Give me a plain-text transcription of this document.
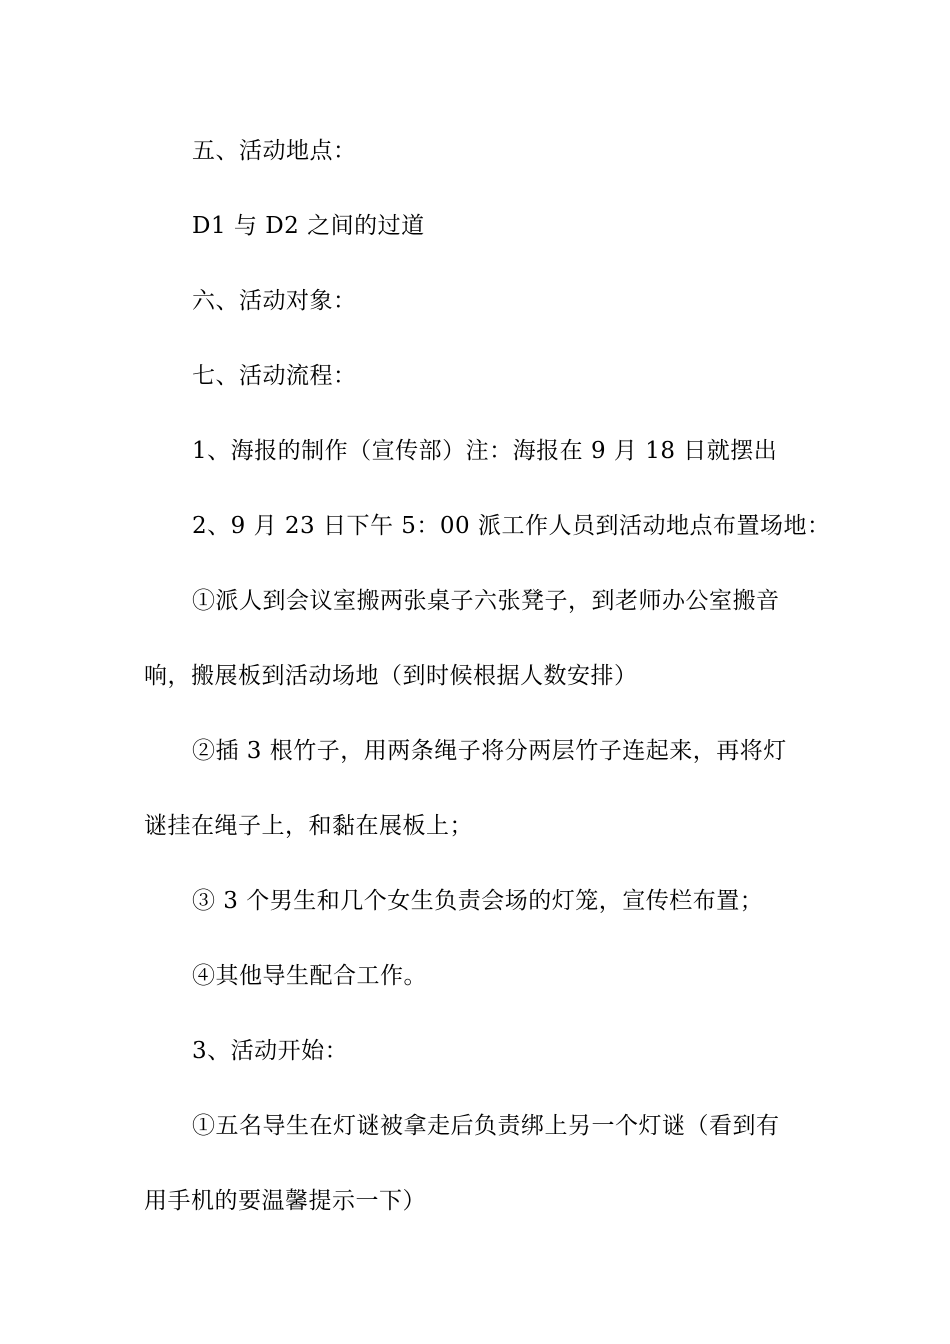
五、活动地点：
D1 与 D2 之间的过道
六、活动对象：
七、活动流程：
1、海报的制作（宣传部）注：海报在 9 月 18 日就摆出
2、9 月 23 日下午 5：00 派工作人员到活动地点布置场地：
①派人到会议室搬两张桌子六张凳子，到老师办公室搬音
响，搬展板到活动场地（到时候根据人数安排）
②插 3 根竹子，用两条绳子将分两层竹子连起来，再将灯
谜挂在绳子上，和黏在展板上；
③ 3 个男生和几个女生负责会场的灯笼，宣传栏布置；
④其他导生配合工作。
3、活动开始：
①五名导生在灯谜被拿走后负责绑上另一个灯谜（看到有
用手机的要温馨提示一下）
